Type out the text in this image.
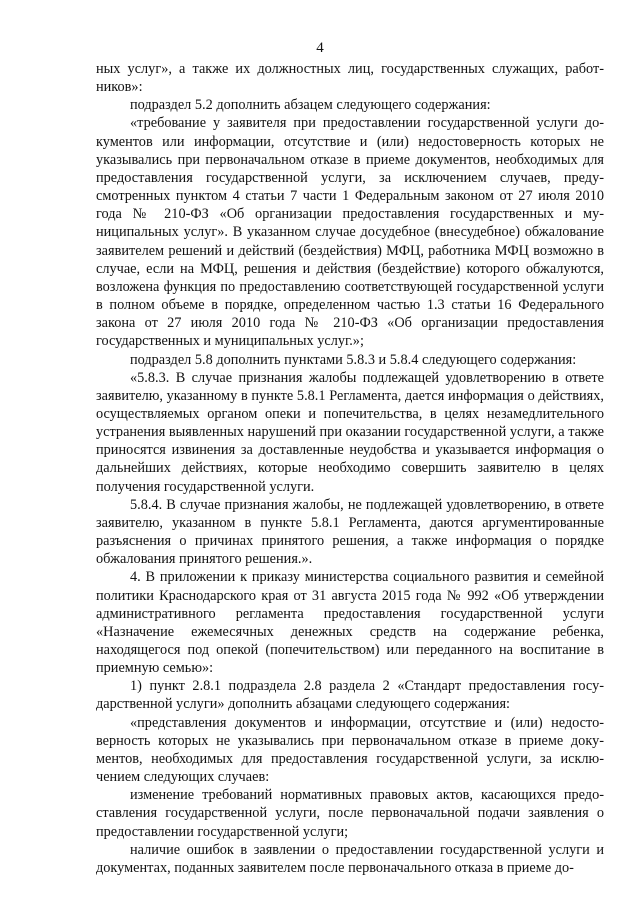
4

ных услуг», а также их должностных лиц, государственных служащих, работников»:

подраздел 5.2 дополнить абзацем следующего содержания:

«требование у заявителя при предоставлении государственной услуги документов или информации, отсутствие и (или) недостоверность которых не указывались при первоначальном отказе в приеме документов, необходимых для предоставления государственной услуги, за исключением случаев, предусмотренных пунктом 4 статьи 7 части 1 Федеральным законом от 27 июля 2010 года № 210-ФЗ «Об организации предоставления государственных и муниципальных услуг». В указанном случае досудебное (внесудебное) обжалование заявителем решений и действий (бездействия) МФЦ, работника МФЦ возможно в случае, если на МФЦ, решения и действия (бездействие) которого обжалуются, возложена функция по предоставлению соответствующей государственной услуги в полном объеме в порядке, определенном частью 1.3 статьи 16 Федерального закона от 27 июля 2010 года № 210-ФЗ «Об организации предоставления государственных и муниципальных услуг.»;

подраздел 5.8 дополнить пунктами 5.8.3 и 5.8.4 следующего содержания:

«5.8.3. В случае признания жалобы подлежащей удовлетворению в ответе заявителю, указанному в пункте 5.8.1 Регламента, дается информация о действиях, осуществляемых органом опеки и попечительства, в целях незамедлительного устранения выявленных нарушений при оказании государственной услуги, а также приносятся извинения за доставленные неудобства и указывается информация о дальнейших действиях, которые необходимо совершить заявителю в целях получения государственной услуги.

5.8.4. В случае признания жалобы, не подлежащей удовлетворению, в ответе заявителю, указанном в пункте 5.8.1 Регламента, даются аргументированные разъяснения о причинах принятого решения, а также информация о порядке обжалования принятого решения.».

4. В приложении к приказу министерства социального развития и семейной политики Краснодарского края от 31 августа 2015 года № 992 «Об утверждении административного регламента предоставления государственной услуги «Назначение ежемесячных денежных средств на содержание ребенка, находящегося под опекой (попечительством) или переданного на воспитание в приемную семью»:

1) пункт 2.8.1 подраздела 2.8 раздела 2 «Стандарт предоставления государственной услуги» дополнить абзацами следующего содержания:

«представления документов и информации, отсутствие и (или) недостоверность которых не указывались при первоначальном отказе в приеме документов, необходимых для предоставления государственной услуги, за исключением следующих случаев:

изменение требований нормативных правовых актов, касающихся предоставления государственной услуги, после первоначальной подачи заявления о предоставлении государственной услуги;

наличие ошибок в заявлении о предоставлении государственной услуги и документах, поданных заявителем после первоначального отказа в приеме до-
